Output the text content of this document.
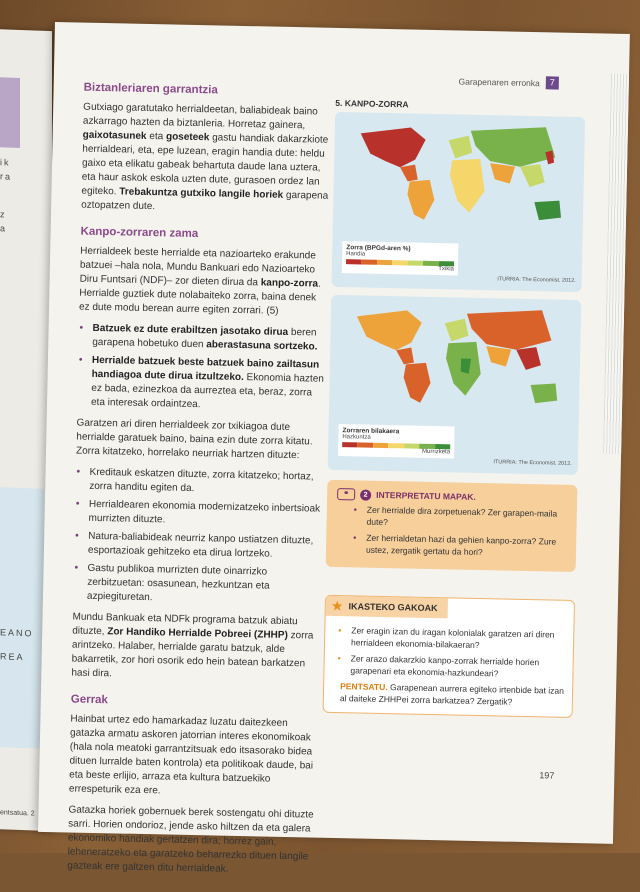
ik
ra
z
a
EANO
REA
entsatua. 2
Garapenaren erronka	7
Biztanleriaren garrantzia

Gutxiago garatutako herrialdeetan, baliabideak baino azkarrago hazten da biztanleria. Horretaz gainera, gaixotasunek eta goseteek gastu handiak dakarzkiote herrialdeari, eta, epe luzean, eragin handia dute: heldu gaixo eta elikatu gabeak behartuta daude lana uztera, eta haur askok eskola uzten dute, gurasoen ordez lan egiteko. Trebakuntza gutxiko langile horiek garapena oztopatzen dute.

Kanpo-zorraren zama

Herrialdeek beste herrialde eta nazioarteko erakunde batzuei –hala nola, Mundu Bankuari edo Nazioarteko Diru Funtsari (NDF)– zor dieten dirua da kanpo-zorra. Herrialde guztiek dute nolabaiteko zorra, baina denek ez dute modu berean aurre egiten zorrari. (5)

• Batzuek ez dute erabiltzen jasotako dirua beren garapena hobetuko duen aberastasuna sortzeko.
• Herrialde batzuek beste batzuek baino zailtasun handiagoa dute dirua itzultzeko. Ekonomia hazten ez bada, ezinezkoa da aurreztea eta, beraz, zorra eta interesak ordaintzea.

Garatzen ari diren herrialdeek zor txikiagoa dute herrialde garatuek baino, baina ezin dute zorra kitatu. Zorra kitatzeko, horrelako neurriak hartzen dituzte:

• Kreditauk eskatzen dituzte, zorra kitatzeko; hortaz, zorra handitu egiten da.
• Herrialdearen ekonomia modernizatzeko inbertsioak murrizten dituzte.
• Natura-baliabideak neurriz kanpo ustiatzen dituzte, esportazioak gehitzeko eta dirua lortzeko.
• Gastu publikoa murrizten dute oinarrizko zerbitzuetan: osasunean, hezkuntzan eta azpiegituretan.

Mundu Bankuak eta NDFk programa batzuk abiatu dituzte, Zor Handiko Herrialde Pobreei (ZHHP) zorra arintzeko. Halaber, herrialde garatu batzuk, alde bakarretik, zor hori osorik edo hein batean barkatzen hasi dira.

Gerrak

Hainbat urtez edo hamarkadaz luzatu daitezkeen gatazka armatu askoren jatorrian interes ekonomikoak (hala nola meatoki garrantzitsuak edo itsasorako bidea dituen lurralde baten kontrola) eta politikoak daude, bai eta beste erlijio, arraza eta kultura batzuekiko errespeturik eza ere.

Gatazka horiek gobernuek berek sostengatu ohi dituzte sarri. Horien ondorioz, jende asko hiltzen da eta galera ekonomiko handiak gertatzen dira; horrez gain, leheneratzeko eta garatzeko beharrezko dituen langile gazteak ere galtzen ditu herrialdeak.

5. KANPO-ZORRA
Zorra (BPGd-aren %)
Handia
Txikia
ITURRIA: The Economist. 2012.
Zorraren bilakaera
Hazkuntza
Murrizketa
ITURRIA: The Economist. 2012.
⚭	2 INTERPRETATU MAPAK.
• Zer herrialde dira zorpetuenak? Zer garapen-maila dute?
• Zer herrialdetan hazi da gehien kanpo-zorra? Zure ustez, zergatik gertatu da hori?
★ IKASTEKO GAKOAK
• Zer eragin izan du iragan kolonialak garatzen ari diren herrialdeen ekonomia-bilakaeran?
• Zer arazo dakarzkio kanpo-zorrak herrialde horien garapenari eta ekonomia-hazkundeari?
PENTSATU. Garapenean aurrera egiteko irtenbide bat izan al daiteke ZHHPei zorra barkatzea? Zergatik?
197
